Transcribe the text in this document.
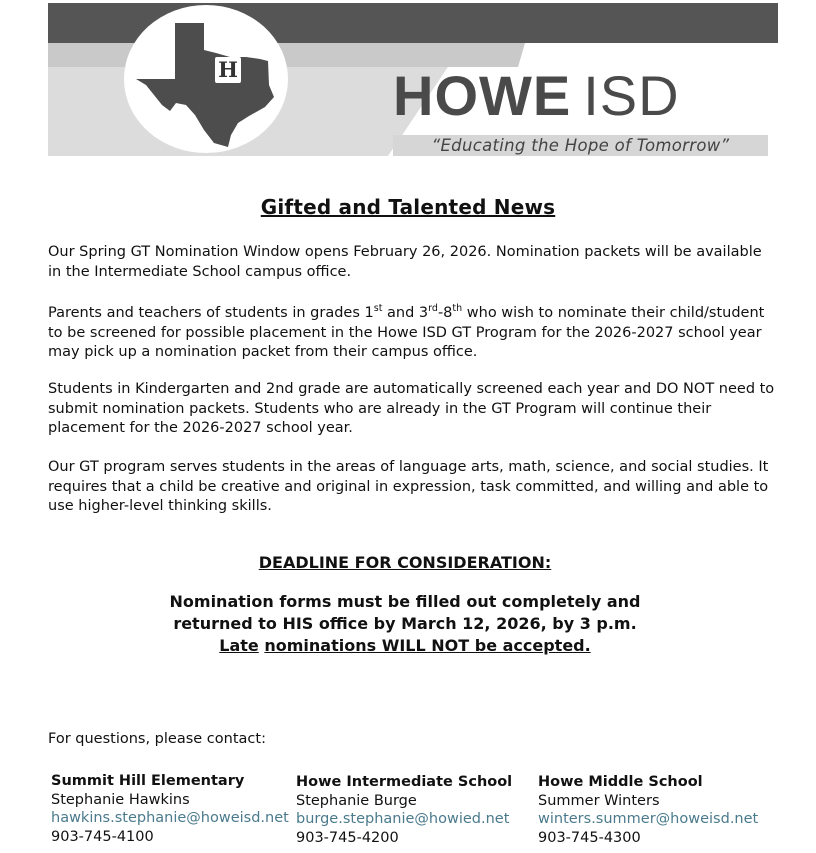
H	HOWE ISD
“Educating the Hope of Tomorrow”
Gifted and Talented News
Our Spring GT Nomination Window opens February 26, 2026. Nomination packets will be available in the Intermediate School campus office.
Parents and teachers of students in grades 1st and 3rd-8th who wish to nominate their child/student to be screened for possible placement in the Howe ISD GT Program for the 2026-2027 school year may pick up a nomination packet from their campus office.
Students in Kindergarten and 2nd grade are automatically screened each year and DO NOT need to submit nomination packets. Students who are already in the GT Program will continue their placement for the 2026-2027 school year.
Our GT program serves students in the areas of language arts, math, science, and social studies. It requires that a child be creative and original in expression, task committed, and willing and able to use higher-level thinking skills.
DEADLINE FOR CONSIDERATION:
Nomination forms must be filled out completely and
returned to HIS office by March 12, 2026, by 3 p.m.
Late nominations WILL NOT be accepted.
For questions, please contact:
Summit Hill Elementary
Stephanie Hawkins
hawkins.stephanie@howeisd.net
903-745-4100
Howe Intermediate School
Stephanie Burge
burge.stephanie@howied.net
903-745-4200
Howe Middle School
Summer Winters
winters.summer@howeisd.net
903-745-4300
